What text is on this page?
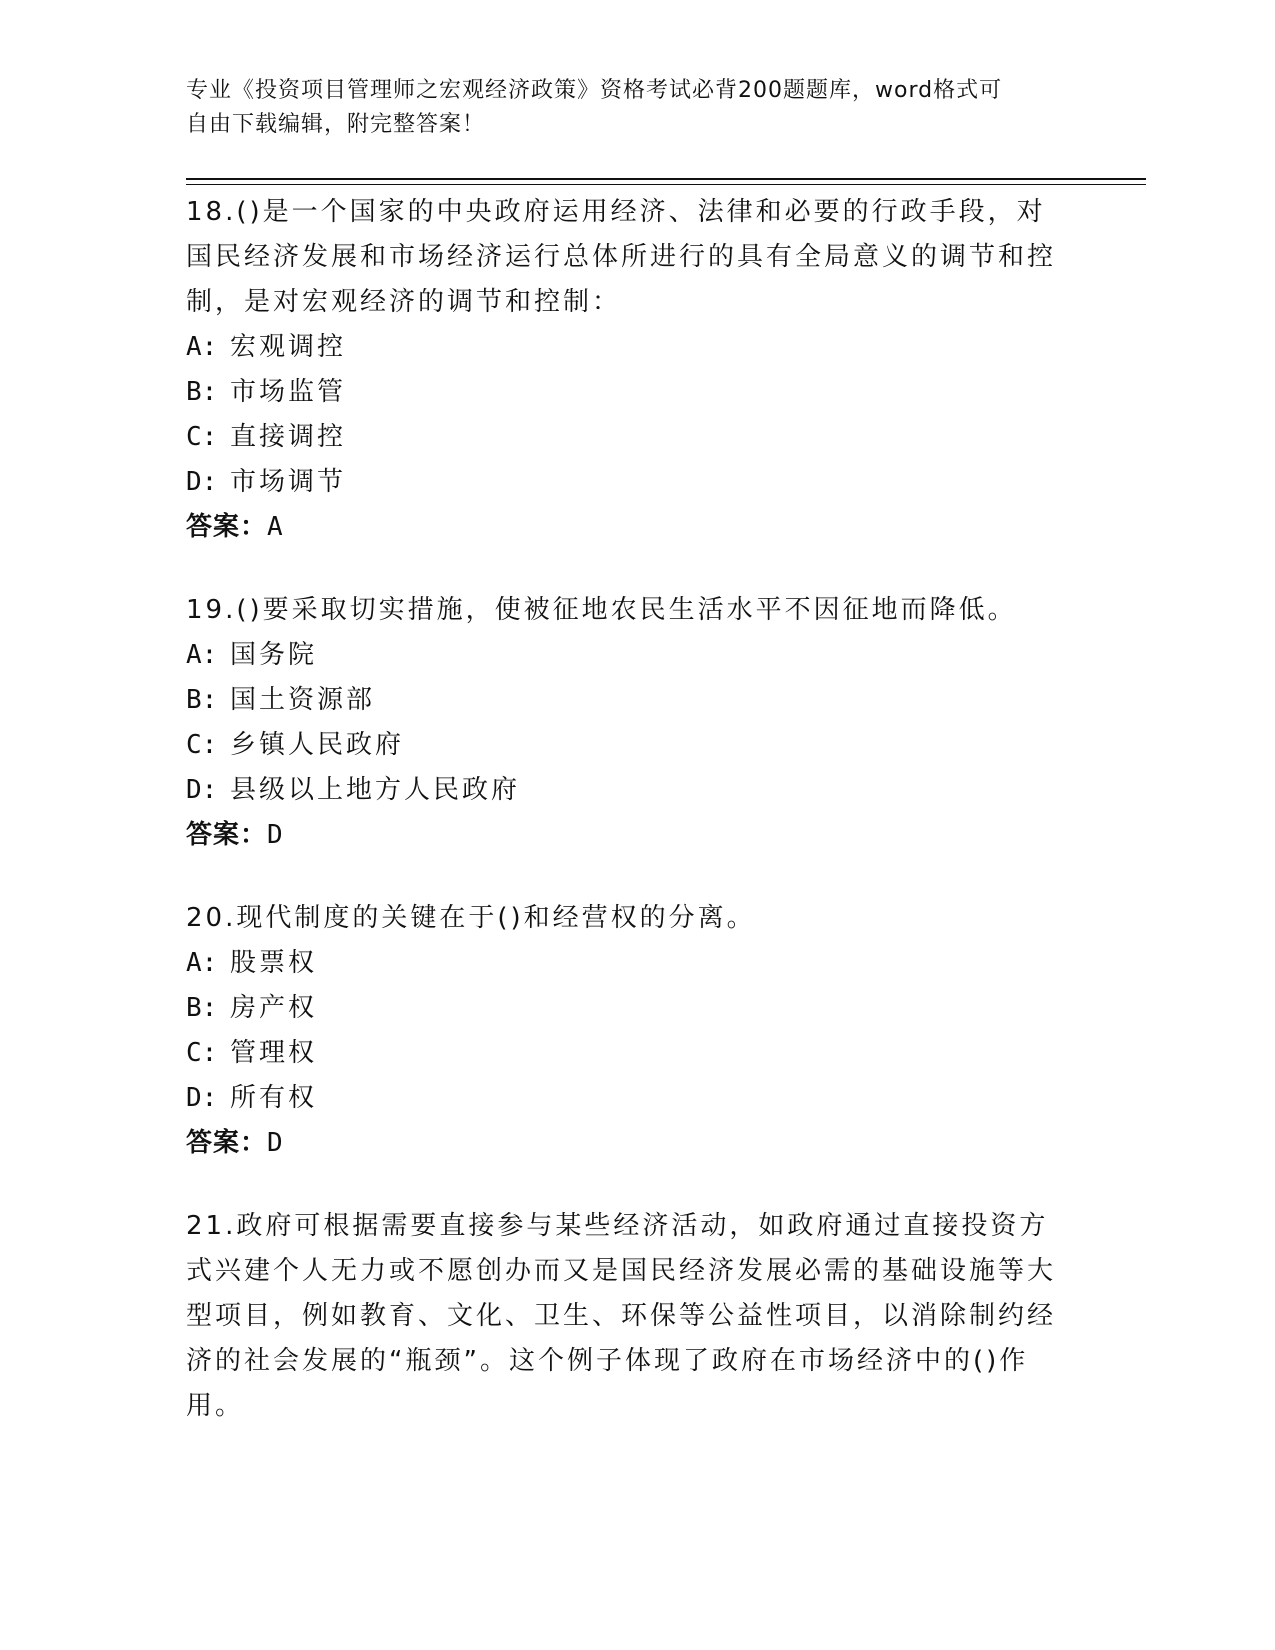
专业《投资项目管理师之宏观经济政策》资格考试必背200题题库，word格式可
自由下载编辑，附完整答案！

18.()是一个国家的中央政府运用经济、法律和必要的行政手段，对国民经济发展和市场经济运行总体所进行的具有全局意义的调节和控制，是对宏观经济的调节和控制：

A: 宏观调控
B: 市场监管
C: 直接调控
D: 市场调节
答案：A

19.()要采取切实措施，使被征地农民生活水平不因征地而降低。

A: 国务院
B: 国土资源部
C: 乡镇人民政府
D: 县级以上地方人民政府
答案：D

20.现代制度的关键在于()和经营权的分离。

A: 股票权
B: 房产权
C: 管理权
D: 所有权
答案：D

21.政府可根据需要直接参与某些经济活动，如政府通过直接投资方式兴建个人无力或不愿创办而又是国民经济发展必需的基础设施等大型项目，例如教育、文化、卫生、环保等公益性项目，以消除制约经济的社会发展的“瓶颈”。这个例子体现了政府在市场经济中的()作用。
